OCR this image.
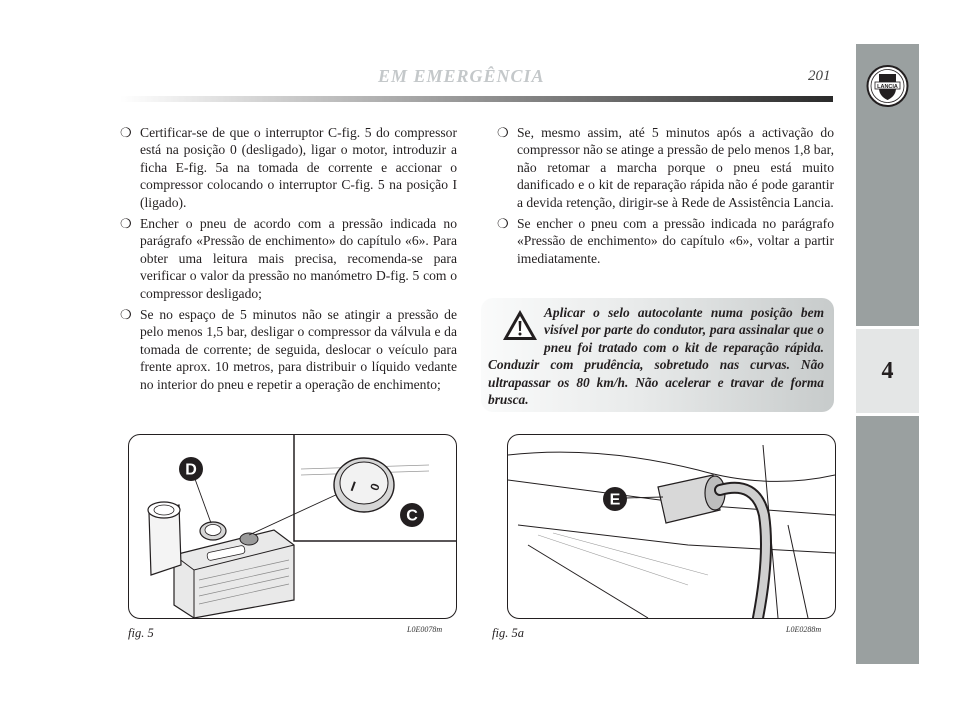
EM EMERGÊNCIA	201
LANCIA
4
❍ Certificar-se de que o interruptor C-fig. 5 do compressor está na posição 0 (desligado), ligar o motor, introduzir a ficha E-fig. 5a na tomada de corrente e accionar o compressor colocando o interruptor C-fig. 5 na posição I (ligado).
❍ Encher o pneu de acordo com a pressão indicada no parágrafo «Pressão de enchimento» do capítulo «6». Para obter uma leitura mais precisa, recomenda-se para verificar o valor da pressão no manómetro D-fig. 5 com o compressor desligado;
❍ Se no espaço de 5 minutos não se atingir a pressão de pelo menos 1,5 bar, desligar o compressor da válvula e da tomada de corrente; de seguida, deslocar o veículo para frente aprox. 10 metros, para distribuir o líquido vedante no interior do pneu e repetir a operação de enchimento;
❍ Se, mesmo assim, até 5 minutos após a activação do compressor não se atinge a pressão de pelo menos 1,8 bar, não retomar a marcha porque o pneu está muito danificado e o kit de reparação rápida não é pode garantir a devida retenção, dirigir-se à Rede de Assistência Lancia.
❍ Se encher o pneu com a pressão indicada no parágrafo «Pressão de enchimento» do capítulo «6», voltar a partir imediatamente.
Aplicar o selo autocolante numa posição bem visível por parte do condutor, para assinalar que o pneu foi tratado com o kit de reparação rápida. Conduzir com prudência, sobretudo nas curvas. Não ultrapassar os 80 km/h. Não acelerar e travar de forma brusca.
D
I 0
C
fig. 5	L0E0078m
E
fig. 5a	L0E0288m
